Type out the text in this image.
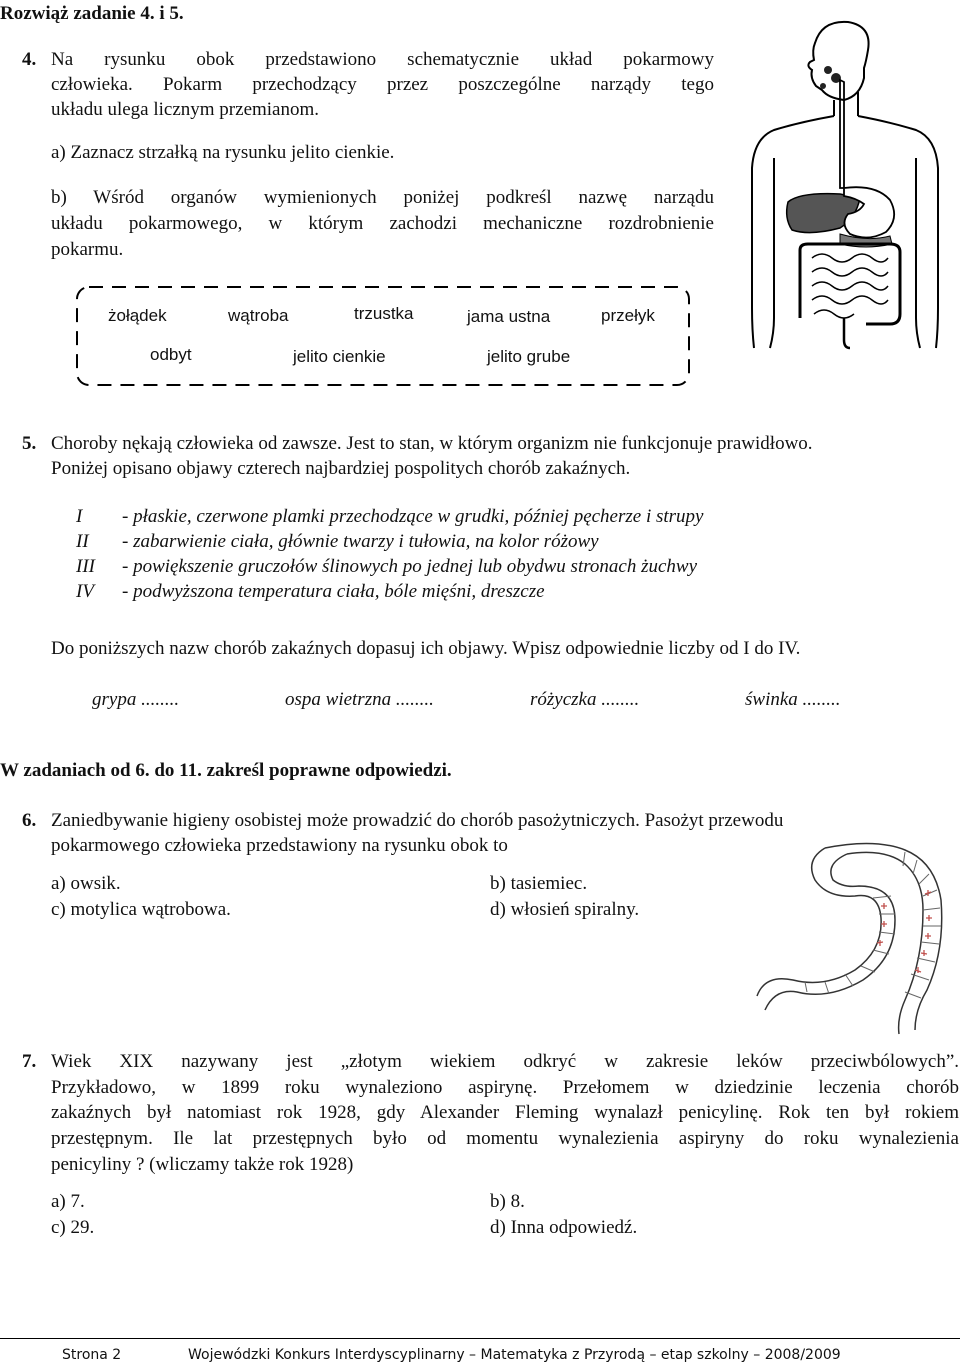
Rozwiąż zadanie 4. i 5.
4. Na rysunku obok przedstawiono schematycznie układ pokarmowy
człowieka. Pokarm przechodzący przez poszczególne narządy tego
układu ulega licznym przemianom.
a) Zaznacz strzałką na rysunku jelito cienkie.
b) Wśród organów wymienionych poniżej podkreśl nazwę narządu
układu pokarmowego, w którym zachodzi mechaniczne rozdrobnienie
pokarmu.
żołądek	wątroba	trzustka	jama ustna	przełyk
odbyt	jelito cienkie	jelito grube
5. Choroby nękają człowieka od zawsze. Jest to stan, w którym organizm nie funkcjonuje prawidłowo.
Poniżej opisano objawy czterech najbardziej pospolitych chorób zakaźnych.
I - płaskie, czerwone plamki przechodzące w grudki, później pęcherze i strupy
II - zabarwienie ciała, głównie twarzy i tułowia, na kolor różowy
III - powiększenie gruczołów ślinowych po jednej lub obydwu stronach żuchwy
IV - podwyższona temperatura ciała, bóle mięśni, dreszcze
Do poniższych nazw chorób zakaźnych dopasuj ich objawy. Wpisz odpowiednie liczby od I do IV.
grypa ........	ospa wietrzna ........	różyczka ........	świnka ........
W zadaniach od 6. do 11. zakreśl poprawne odpowiedzi.
6. Zaniedbywanie higieny osobistej może prowadzić do chorób pasożytniczych. Pasożyt przewodu
pokarmowego człowieka przedstawiony na rysunku obok to
a) owsik.	b) tasiemiec.
c) motylica wątrobowa.	d) włosień spiralny.
7. Wiek XIX nazywany jest „złotym wiekiem odkryć w zakresie leków przeciwbólowych”.
Przykładowo, w 1899 roku wynaleziono aspirynę. Przełomem w dziedzinie leczenia chorób
zakaźnych był natomiast rok 1928, gdy Alexander Fleming wynalazł penicylinę. Rok ten był rokiem
przestępnym. Ile lat przestępnych było od momentu wynalezienia aspiryny do roku wynalezienia
penicyliny ? (wliczamy także rok 1928)
a) 7.	b) 8.
c) 29.	d) Inna odpowiedź.
Strona 2	Wojewódzki Konkurs Interdyscyplinarny – Matematyka z Przyrodą – etap szkolny – 2008/2009
